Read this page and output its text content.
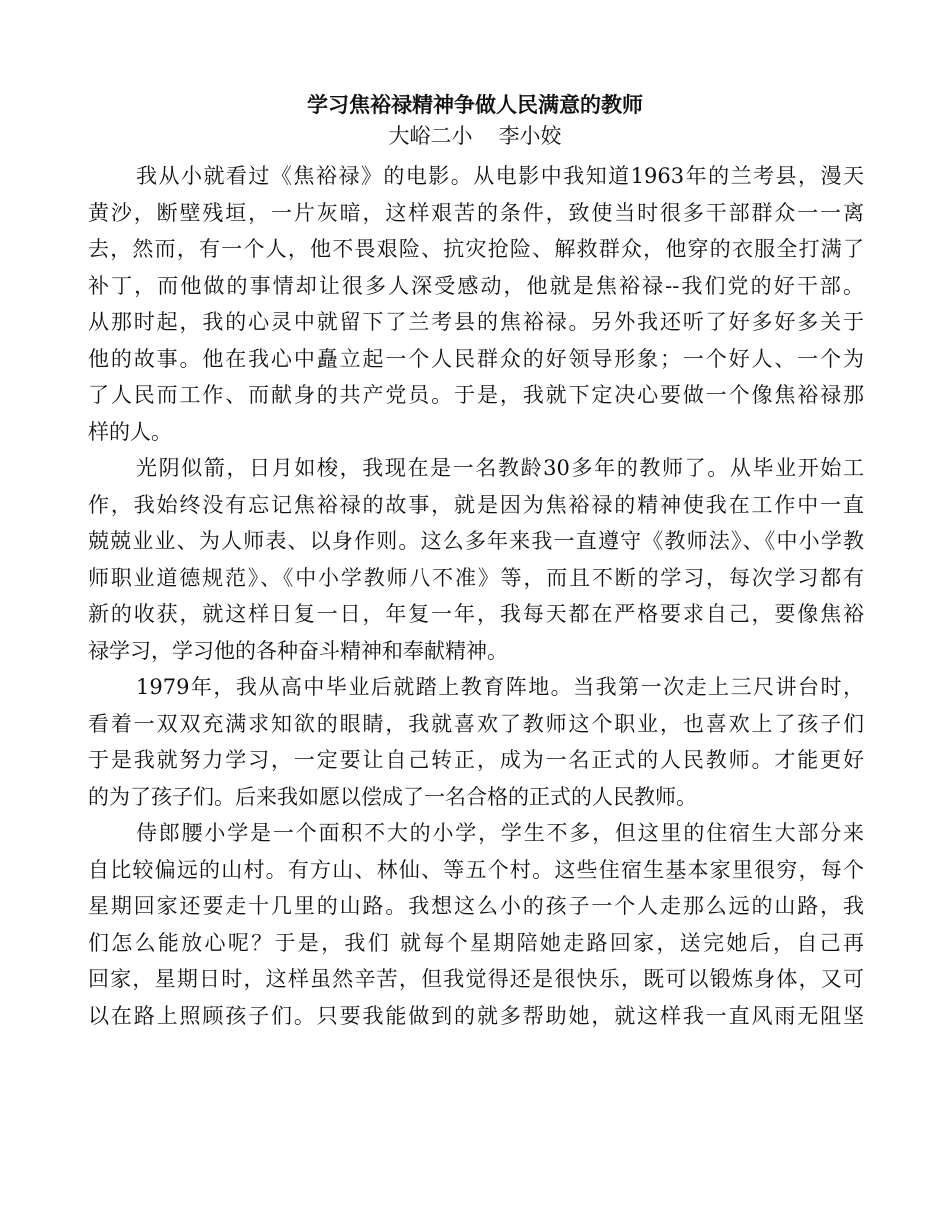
学习焦裕禄精神争做人民满意的教师
大峪二小 李小姣
我从小就看过《焦裕禄》的电影。从电影中我知道1963年的兰考县，漫天
黄沙，断壁残垣，一片灰暗，这样艰苦的条件，致使当时很多干部群众一一离
去，然而，有一个人，他不畏艰险、抗灾抢险、解救群众，他穿的衣服全打满了
补丁，而他做的事情却让很多人深受感动，他就是焦裕禄--我们党的好干部。
从那时起，我的心灵中就留下了兰考县的焦裕禄。另外我还听了好多好多关于
他的故事。他在我心中矗立起一个人民群众的好领导形象；一个好人、一个为
了人民而工作、而献身的共产党员。于是，我就下定决心要做一个像焦裕禄那
样的人。
光阴似箭，日月如梭，我现在是一名教龄30多年的教师了。从毕业开始工
作，我始终没有忘记焦裕禄的故事，就是因为焦裕禄的精神使我在工作中一直
兢兢业业、为人师表、以身作则。这么多年来我一直遵守《教师法》、《中小学教
师职业道德规范》、《中小学教师八不准》等，而且不断的学习，每次学习都有
新的收获，就这样日复一日，年复一年，我每天都在严格要求自己，要像焦裕
禄学习，学习他的各种奋斗精神和奉献精神。
1979年，我从高中毕业后就踏上教育阵地。当我第一次走上三尺讲台时，
看着一双双充满求知欲的眼睛，我就喜欢了教师这个职业，也喜欢上了孩子们
于是我就努力学习，一定要让自己转正，成为一名正式的人民教师。才能更好
的为了孩子们。后来我如愿以偿成了一名合格的正式的人民教师。
侍郎腰小学是一个面积不大的小学，学生不多，但这里的住宿生大部分来
自比较偏远的山村。有方山、林仙、等五个村。这些住宿生基本家里很穷，每个
星期回家还要走十几里的山路。我想这么小的孩子一个人走那么远的山路，我
们怎么能放心呢？于是，我们 就每个星期陪她走路回家，送完她后，自己再
回家，星期日时，这样虽然辛苦，但我觉得还是很快乐，既可以锻炼身体，又可
以在路上照顾孩子们。只要我能做到的就多帮助她，就这样我一直风雨无阻坚
